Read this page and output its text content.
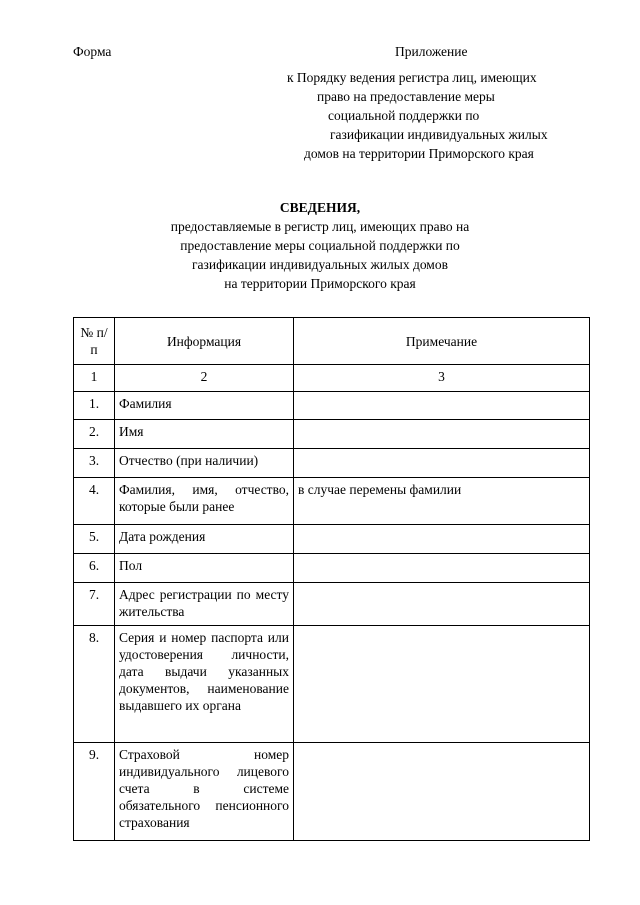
Форма	Приложение
к Порядку ведения регистра лиц, имеющих
право на предоставление меры
социальной поддержки по
газификации индивидуальных жилых
домов на территории Приморского края
СВЕДЕНИЯ,
предоставляемые в регистр лиц, имеющих право на
предоставление меры социальной поддержки по
газификации индивидуальных жилых домов
на территории Приморского края
№ п/п	Информация	Примечание
1	2	3
1.	Фамилия	
2.	Имя	
3.	Отчество (при наличии)	
4.	Фамилия, имя, отчество, которые были ранее	в случае перемены фамилии
5.	Дата рождения	
6.	Пол	
7.	Адрес регистрации по месту жительства	
8.	Серия и номер паспорта или удостоверения личности, дата выдачи указанных документов, наименование выдавшего их органа	
9.	Страховой номер индивидуального лицевого счета в системе обязательного пенсионного страхования	
